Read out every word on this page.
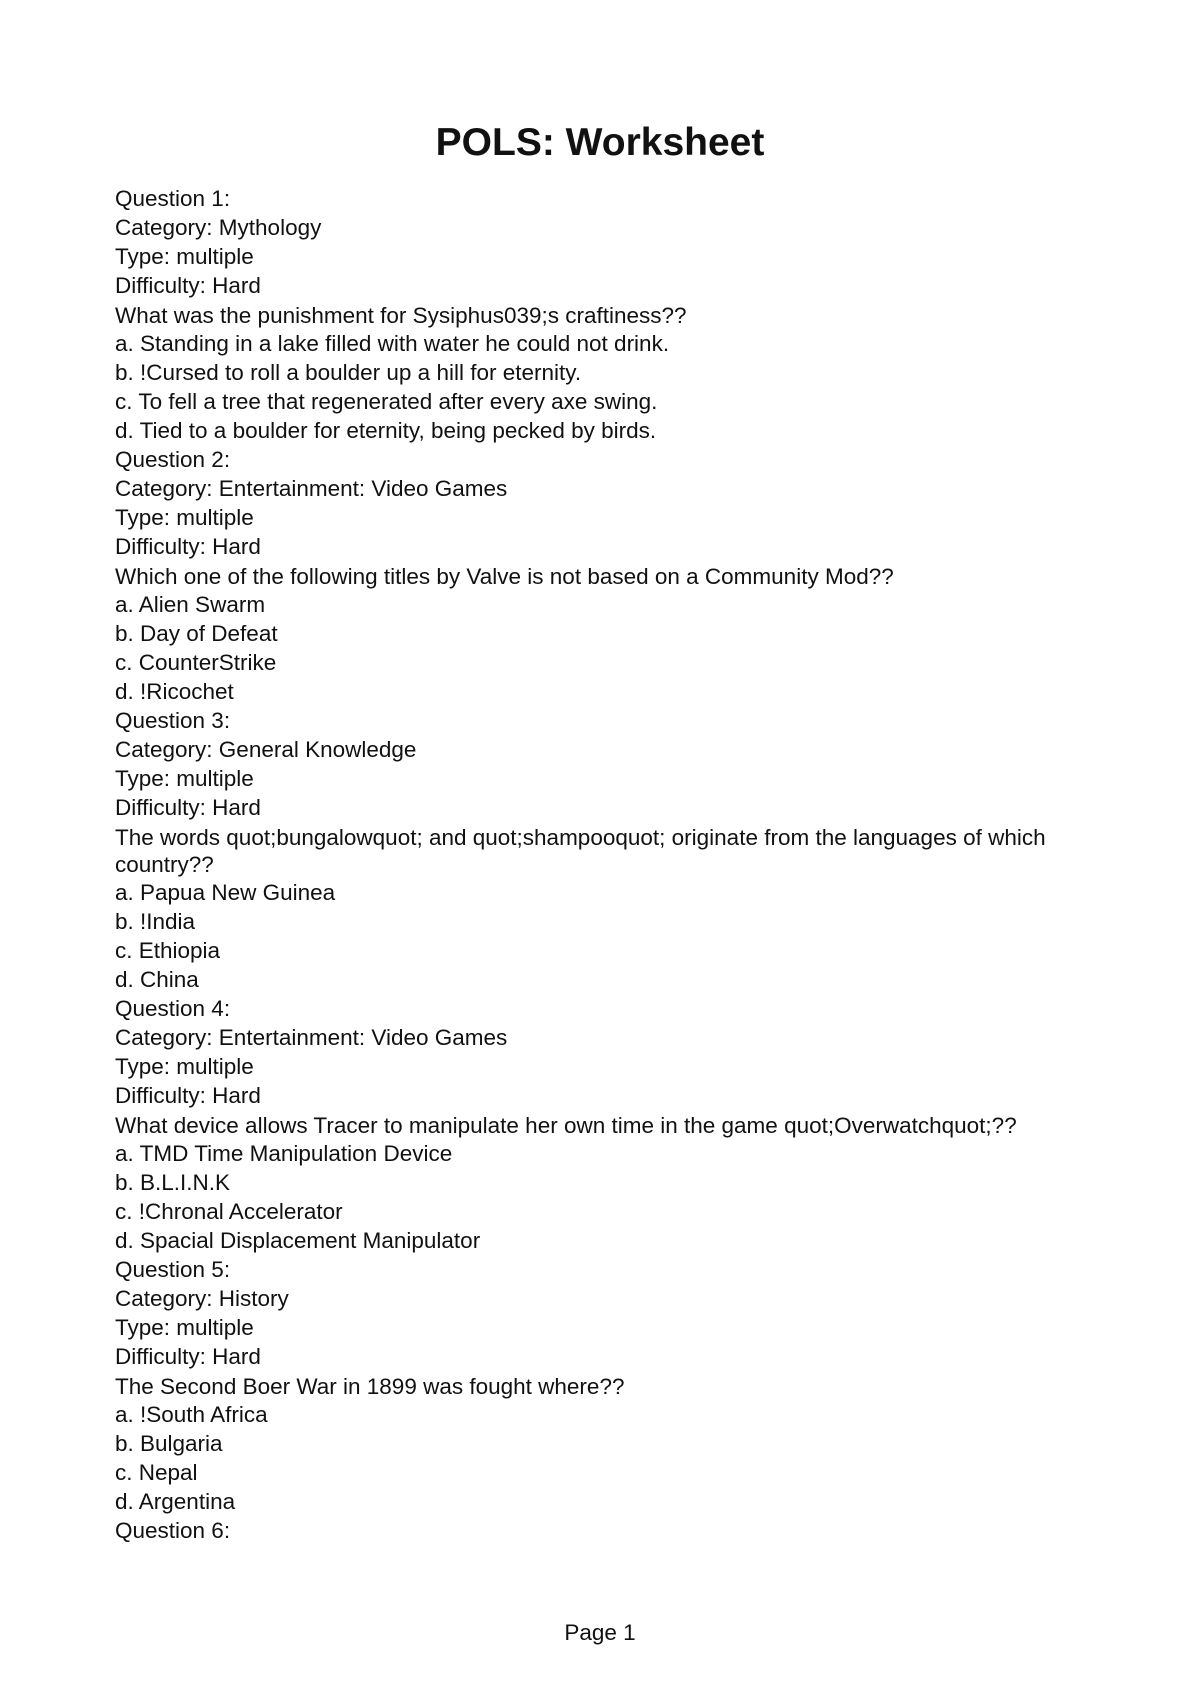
POLS: Worksheet
Question 1:
Category: Mythology
Type: multiple
Difficulty: Hard
What was the punishment for Sysiphus039;s craftiness??
a. Standing in a lake filled with water he could not drink.
b. !Cursed to roll a boulder up a hill for eternity.
c. To fell a tree that regenerated after every axe swing.
d. Tied to a boulder for eternity, being pecked by birds.
Question 2:
Category: Entertainment: Video Games
Type: multiple
Difficulty: Hard
Which one of the following titles by Valve is not based on a Community Mod??
a. Alien Swarm
b. Day of Defeat
c. CounterStrike
d. !Ricochet
Question 3:
Category: General Knowledge
Type: multiple
Difficulty: Hard
The words quot;bungalowquot; and quot;shampooquot; originate from the languages of which country??
a. Papua New Guinea
b. !India
c. Ethiopia
d. China
Question 4:
Category: Entertainment: Video Games
Type: multiple
Difficulty: Hard
What device allows Tracer to manipulate her own time in the game quot;Overwatchquot;??
a. TMD Time Manipulation Device
b. B.L.I.N.K
c. !Chronal Accelerator
d. Spacial Displacement Manipulator
Question 5:
Category: History
Type: multiple
Difficulty: Hard
The Second Boer War in 1899 was fought where??
a. !South Africa
b. Bulgaria
c. Nepal
d. Argentina
Question 6:
Page 1
